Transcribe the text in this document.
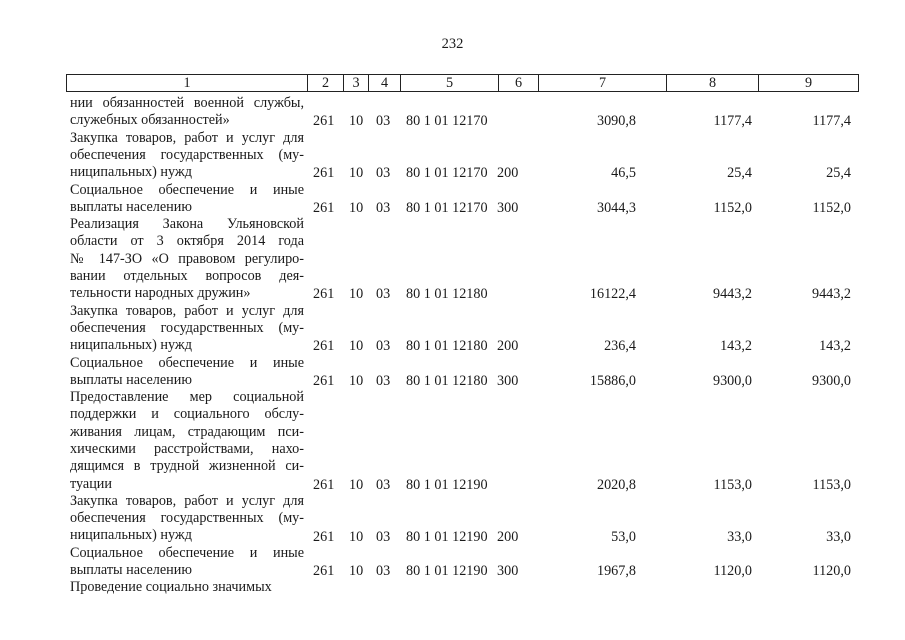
232
1	2	3	4	5	6	7	8	9
нии обязанностей военной службы,
служебных обязанностей»	261 10 03 80 1 01 12170	3090,8	1177,4	1177,4
Закупка товаров, работ и услуг для
обеспечения государственных (му-
ниципальных) нужд	261 10 03 80 1 01 12170 200	46,5	25,4	25,4
Социальное обеспечение и иные
выплаты населению	261 10 03 80 1 01 12170 300	3044,3	1152,0	1152,0
Реализация Закона Ульяновской
области от 3 октября 2014 года
№ 147-ЗО «О правовом регулиро-
вании отдельных вопросов дея-
тельности народных дружин»	261 10 03 80 1 01 12180	16122,4	9443,2	9443,2
Закупка товаров, работ и услуг для
обеспечения государственных (му-
ниципальных) нужд	261 10 03 80 1 01 12180 200	236,4	143,2	143,2
Социальное обеспечение и иные
выплаты населению	261 10 03 80 1 01 12180 300	15886,0	9300,0	9300,0
Предоставление мер социальной
поддержки и социального обслу-
живания лицам, страдающим пси-
хическими расстройствами, нахо-
дящимся в трудной жизненной си-
туации	261 10 03 80 1 01 12190	2020,8	1153,0	1153,0
Закупка товаров, работ и услуг для
обеспечения государственных (му-
ниципальных) нужд	261 10 03 80 1 01 12190 200	53,0	33,0	33,0
Социальное обеспечение и иные
выплаты населению	261 10 03 80 1 01 12190 300	1967,8	1120,0	1120,0
Проведение социально значимых
